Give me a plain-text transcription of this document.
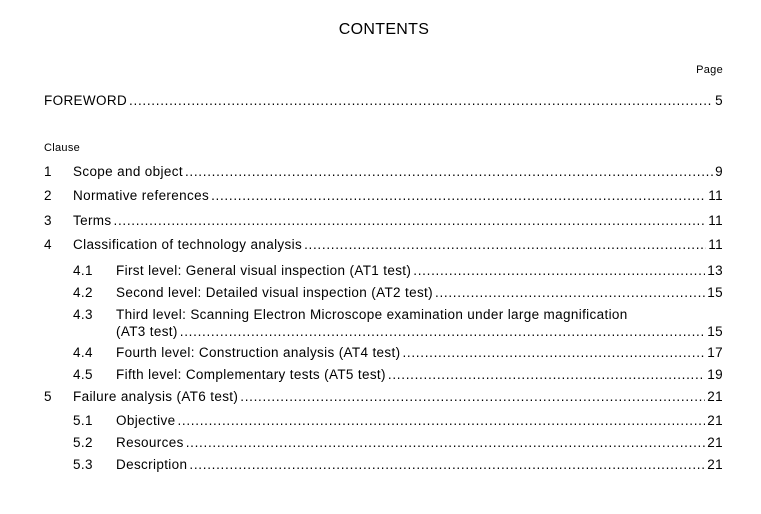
CONTENTS
Page
FOREWORD .....	5
Clause
1 Scope and object .....	9
2 Normative references .....	11
3 Terms .....	11
4 Classification of technology analysis .....	11
4.1 First level: General visual inspection (AT1 test) .....	13
4.2 Second level: Detailed visual inspection (AT2 test) .....	15
4.3 Third level: Scanning Electron Microscope examination under large magnification
(AT3 test) .....	15
4.4 Fourth level: Construction analysis (AT4 test) .....	17
4.5 Fifth level: Complementary tests (AT5 test) .....	19
5 Failure analysis (AT6 test) .....	21
5.1 Objective .....	21
5.2 Resources .....	21
5.3 Description .....	21
